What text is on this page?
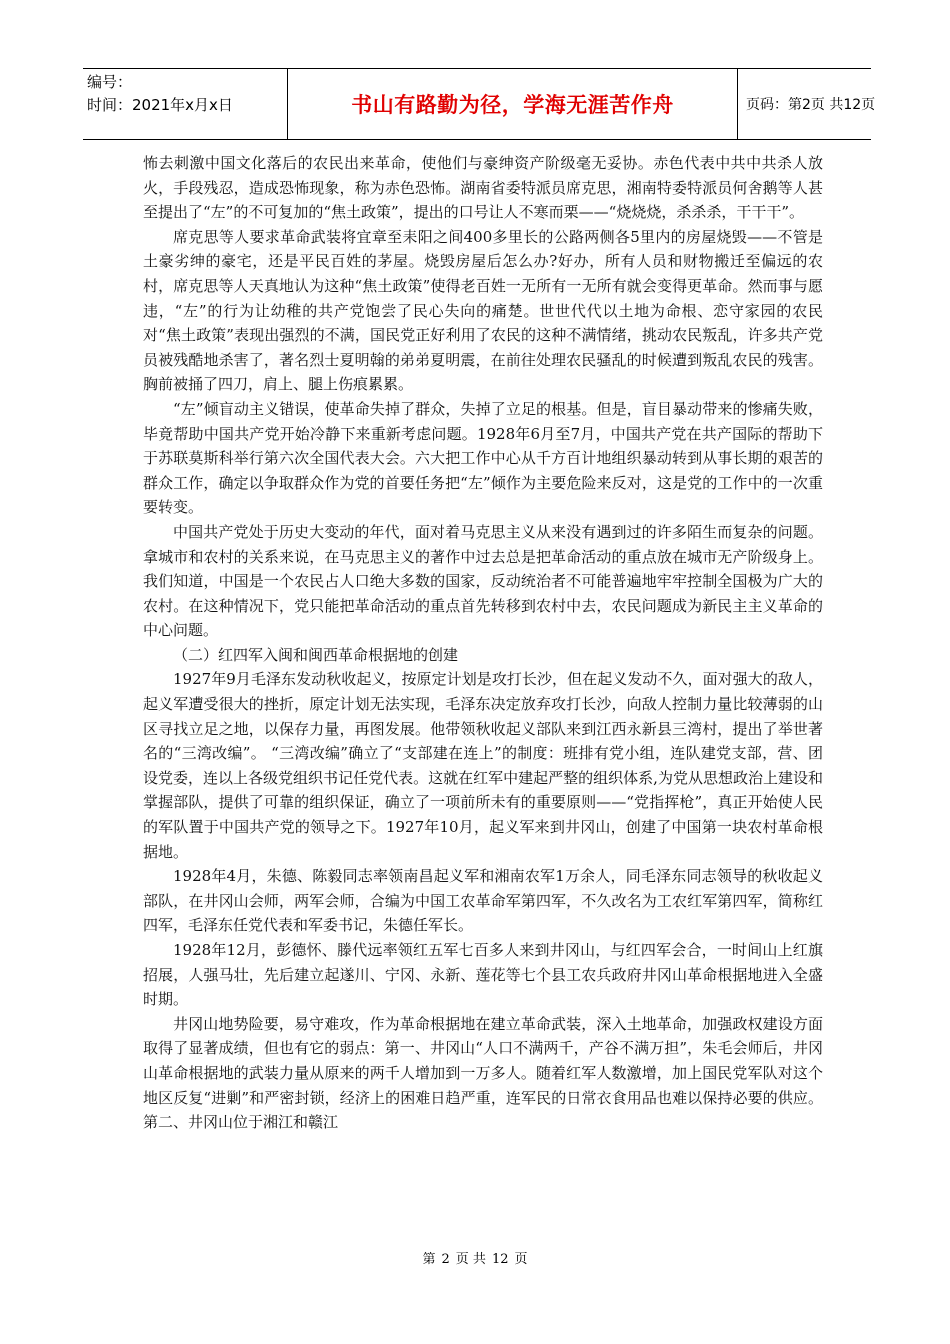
编号：
时间：2021年x月x日	书山有路勤为径，学海无涯苦作舟	页码：第2页 共12页

怖去刺激中国文化落后的农民出来革命，使他们与豪绅资产阶级毫无妥协。赤色代表中共中共杀人放火，手段残忍，造成恐怖现象，称为赤色恐怖。湖南省委特派员席克思，湘南特委特派员何舍鹅等人甚至提出了“左”的不可复加的“焦土政策”，提出的口号让人不寒而栗——“烧烧烧，杀杀杀，干干干”。

席克思等人要求革命武装将宜章至耒阳之间400多里长的公路两侧各5里内的房屋烧毁——不管是土豪劣绅的豪宅，还是平民百姓的茅屋。烧毁房屋后怎么办?好办，所有人员和财物搬迁至偏远的农村，席克思等人天真地认为这种“焦土政策”使得老百姓一无所有一无所有就会变得更革命。然而事与愿违，“左”的行为让幼稚的共产党饱尝了民心失向的痛楚。世世代代以土地为命根、恋守家园的农民对“焦土政策”表现出强烈的不满，国民党正好利用了农民的这种不满情绪，挑动农民叛乱，许多共产党员被残酷地杀害了，著名烈士夏明翰的弟弟夏明震，在前往处理农民骚乱的时候遭到叛乱农民的残害。胸前被捅了四刀，肩上、腿上伤痕累累。

“左”倾盲动主义错误，使革命失掉了群众，失掉了立足的根基。但是，盲目暴动带来的惨痛失败，毕竟帮助中国共产党开始冷静下来重新考虑问题。1928年6月至7月，中国共产党在共产国际的帮助下于苏联莫斯科举行第六次全国代表大会。六大把工作中心从千方百计地组织暴动转到从事长期的艰苦的群众工作，确定以争取群众作为党的首要任务把“左”倾作为主要危险来反对，这是党的工作中的一次重要转变。

中国共产党处于历史大变动的年代，面对着马克思主义从来没有遇到过的许多陌生而复杂的问题。拿城市和农村的关系来说，在马克思主义的著作中过去总是把革命活动的重点放在城市无产阶级身上。我们知道，中国是一个农民占人口绝大多数的国家，反动统治者不可能普遍地牢牢控制全国极为广大的农村。在这种情况下，党只能把革命活动的重点首先转移到农村中去，农民问题成为新民主主义革命的中心问题。

（二）红四军入闽和闽西革命根据地的创建

1927年9月毛泽东发动秋收起义，按原定计划是攻打长沙，但在起义发动不久，面对强大的敌人，起义军遭受很大的挫折，原定计划无法实现，毛泽东决定放弃攻打长沙，向敌人控制力量比较薄弱的山区寻找立足之地，以保存力量，再图发展。他带领秋收起义部队来到江西永新县三湾村，提出了举世著名的“三湾改编”。 “三湾改编”确立了“支部建在连上”的制度：班排有党小组，连队建党支部，营、团设党委，连以上各级党组织书记任党代表。这就在红军中建起严整的组织体系,为党从思想政治上建设和掌握部队，提供了可靠的组织保证，确立了一项前所未有的重要原则——“党指挥枪”，真正开始使人民的军队置于中国共产党的领导之下。1927年10月，起义军来到井冈山，创建了中国第一块农村革命根据地。

1928年4月，朱德、陈毅同志率领南昌起义军和湘南农军1万余人，同毛泽东同志领导的秋收起义部队，在井冈山会师，两军会师，合编为中国工农革命军第四军，不久改名为工农红军第四军，简称红四军，毛泽东任党代表和军委书记，朱德任军长。

1928年12月，彭德怀、滕代远率领红五军七百多人来到井冈山，与红四军会合，一时间山上红旗招展，人强马壮，先后建立起遂川、宁冈、永新、莲花等七个县工农兵政府井冈山革命根据地进入全盛时期。

井冈山地势险要，易守难攻，作为革命根据地在建立革命武装，深入土地革命，加强政权建设方面取得了显著成绩，但也有它的弱点：第一、井冈山“人口不满两千，产谷不满万担”，朱毛会师后，井冈山革命根据地的武装力量从原来的两千人增加到一万多人。随着红军人数激增，加上国民党军队对这个地区反复“进剿”和严密封锁，经济上的困难日趋严重，连军民的日常衣食用品也难以保持必要的供应。第二、井冈山位于湘江和赣江

第 2 页 共 12 页
